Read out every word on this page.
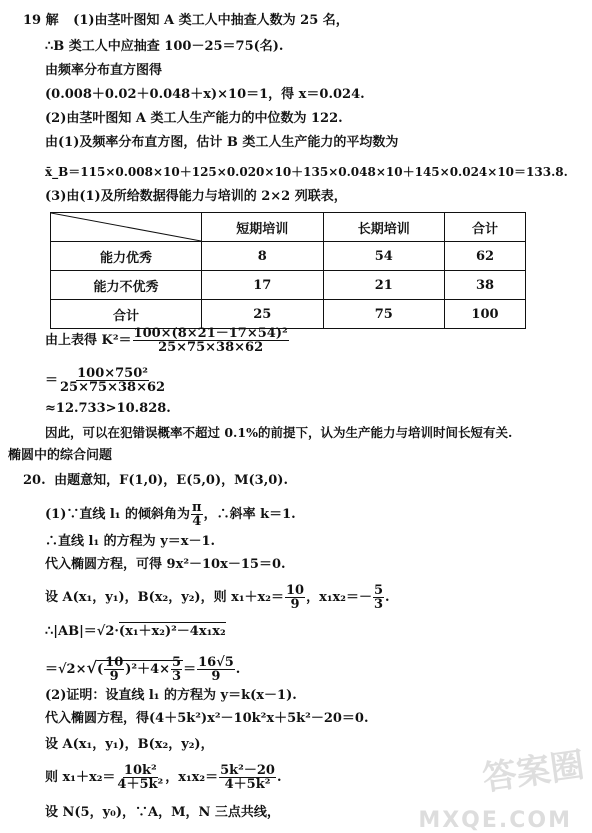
19 解 (1)由茎叶图知 A 类工人中抽查人数为 25 名，
∴B 类工人中应抽查 100－25＝75(名).
由频率分布直方图得
(0.008＋0.02＋0.048＋x)×10＝1，得 x＝0.024.
(2)由茎叶图知 A 类工人生产能力的中位数为 122.
由(1)及频率分布直方图，估计 B 类工人生产能力的平均数为
x̄_B＝115×0.008×10＋125×0.020×10＋135×0.048×10＋145×0.024×10＝133.8.
(3)由(1)及所给数据得能力与培训的 2×2 列联表，
	短期培训	长期培训	合计
能力优秀	8	54	62
能力不优秀	17	21	38
合计	25	75	100
由上表得 $K^2= \frac{\text{100×(8×21－17×54)²}}{25\times 75\times 38\times 62}$
＝ $\frac{\text{100×750²}}{25\times 75\times 38\times 62}$
≈12.733>10.828.
因此，可以在犯错误概率不超过 0.1%的前提下，认为生产能力与培训时间长短有关.
椭圆中的综合问题
20. 由题意知，F(1,0)，E(5,0)，M(3,0).
(1)∵直线 l₁ 的倾斜角为 $\frac{\pi}{4}$ ，∴斜率 k＝1.
∴直线 l₁ 的方程为 y＝x－1.
代入椭圆方程，可得 9x²－10x－15＝0.
设 A(x₁，y₁)，B(x₂，y₂)，则 $x_1+x_2= \frac{10}{9}$ ，$x_1x_2=- \frac{5}{3}$ .
∴|AB|＝√2·(x₁＋x₂)²－4x₁x₂
$=√2\times√( \frac{10}{9} )^2+4\times \frac{5}{3} = \frac{16√5}{9}$ .
(2)证明：设直线 l₁ 的方程为 y＝k(x－1).
代入椭圆方程，得(4＋5k²)x²－10k²x＋5k²－20＝0.
设 A(x₁，y₁)，B(x₂，y₂)，
则 $x_1+x_2= \frac{\text{10k²}}{\text{4＋5k²}}$ ，$x_1x_2= \frac{\text{5k²－20}}{\text{4＋5k²}}$ .
设 N(5，y₀)，∵A，M，N 三点共线，
答案圈
MXQE.COM
